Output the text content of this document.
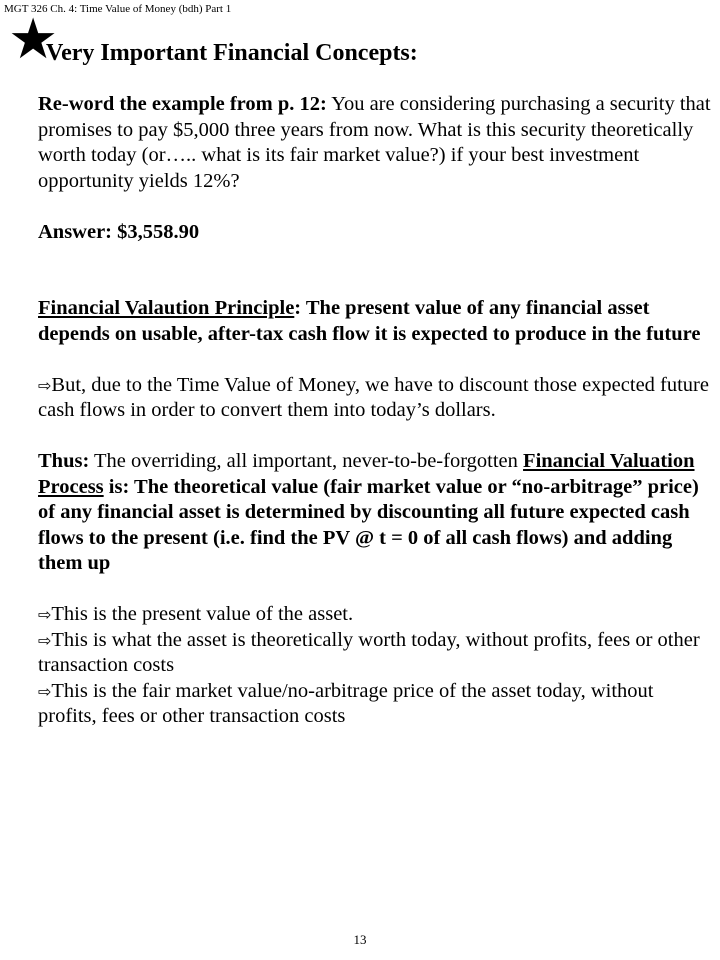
MGT 326 Ch. 4: Time Value of Money (bdh) Part 1
★
Very Important Financial Concepts:

Re-word the example from p. 12: You are considering purchasing a security that promises to pay $5,000 three years from now. What is this security theoretically worth today (or….. what is its fair market value?) if your best investment opportunity yields 12%?

Answer: $3,558.90

Financial Valaution Principle: The present value of any financial asset depends on usable, after-tax cash flow it is expected to produce in the future

⇨But, due to the Time Value of Money, we have to discount those expected future cash flows in order to convert them into today’s dollars.

Thus: The overriding, all important, never-to-be-forgotten Financial Valuation Process is: The theoretical value (fair market value or “no-arbitrage” price) of any financial asset is determined by discounting all future expected cash flows to the present (i.e. find the PV @ t = 0 of all cash flows) and adding them up

⇨This is the present value of the asset.

⇨This is what the asset is theoretically worth today, without profits, fees or other transaction costs

⇨This is the fair market value/no-arbitrage price of the asset today, without profits, fees or other transaction costs

13
